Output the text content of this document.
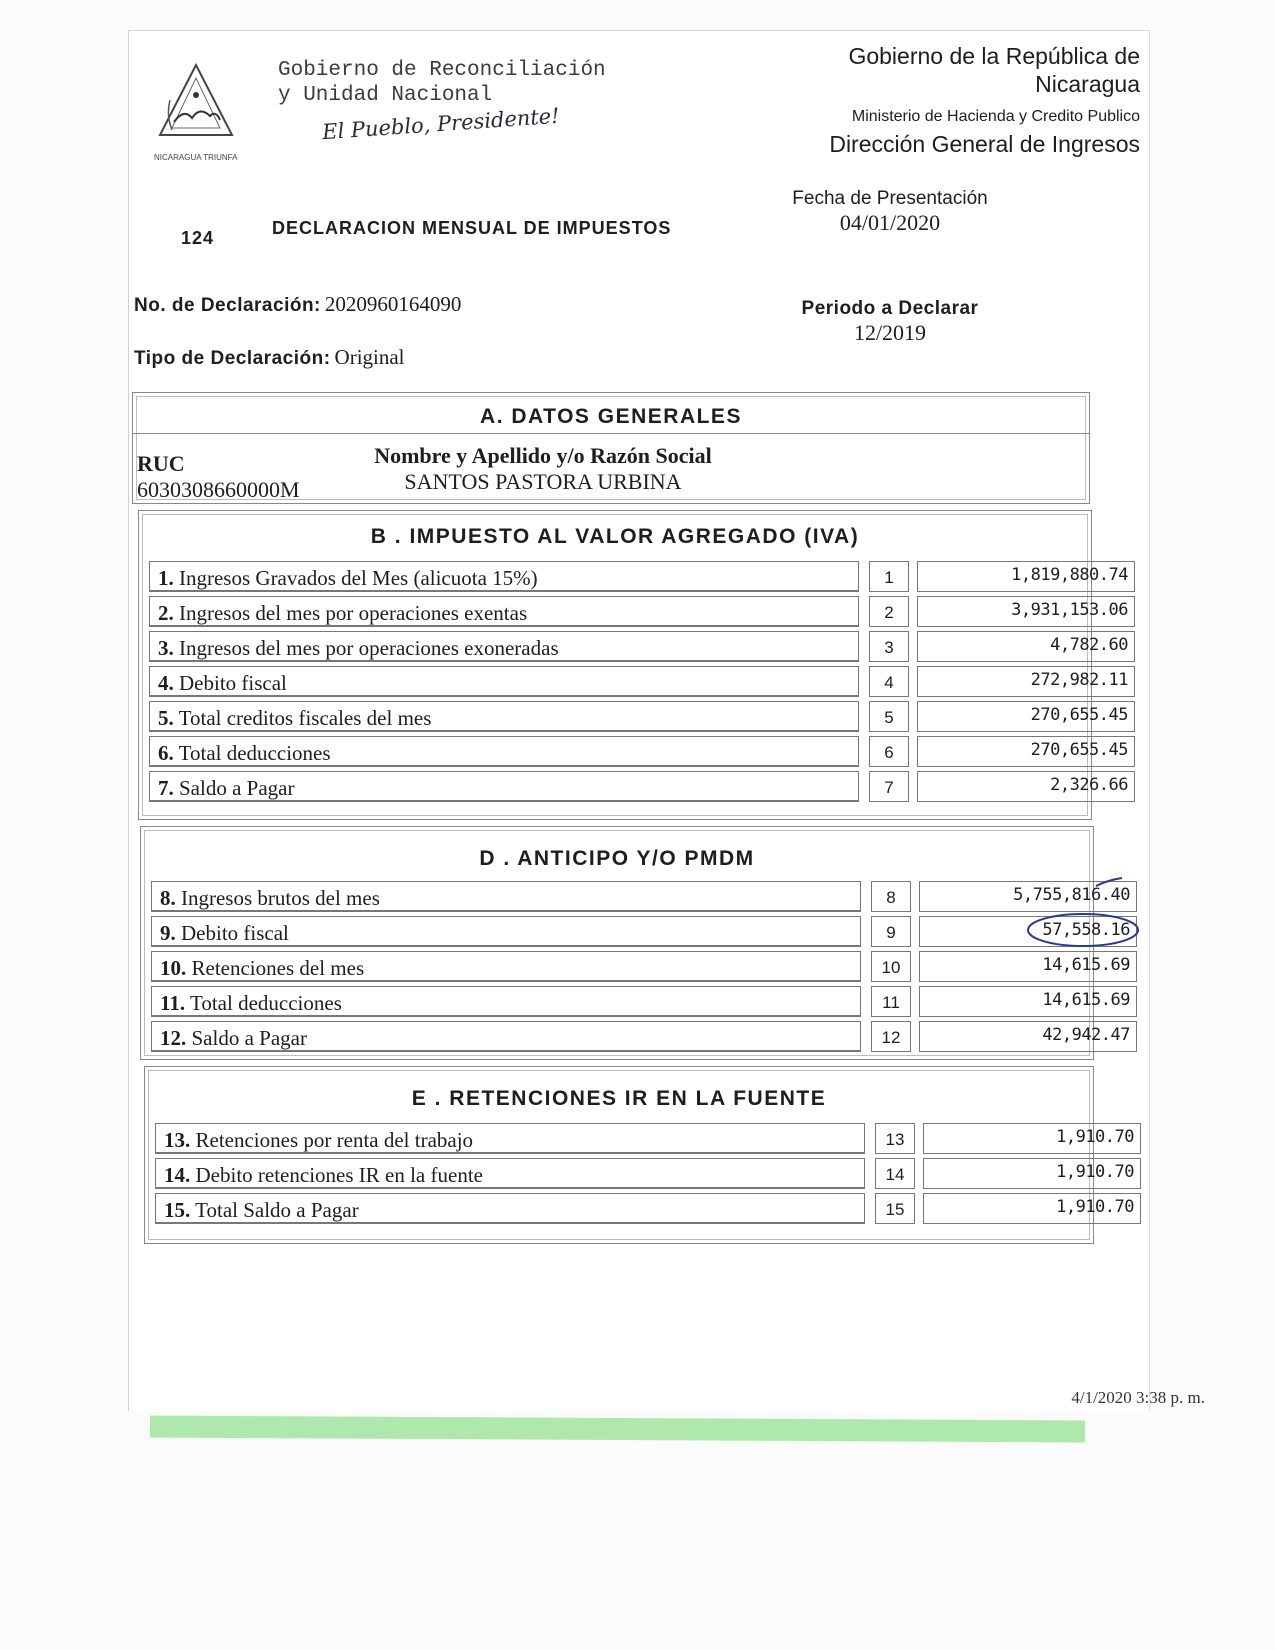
NICARAGUA TRIUNFA
Gobierno de Reconciliación
y Unidad Nacional
El Pueblo, Presidente!
Gobierno de la República de
Nicaragua
Ministerio de Hacienda y Credito Publico
Dirección General de Ingresos
124	DECLARACION MENSUAL DE IMPUESTOS
Fecha de Presentación
04/01/2020
No. de Declaración: 2020960164090	Periodo a Declarar
12/2019
Tipo de Declaración: Original
A. DATOS GENERALES
RUC
6030308660000M
Nombre y Apellido y/o Razón Social
SANTOS PASTORA URBINA
B . IMPUESTO AL VALOR AGREGADO (IVA)
1. Ingresos Gravados del Mes (alicuota 15%)	1	1,819,880.74
2. Ingresos del mes por operaciones exentas	2	3,931,153.06
3. Ingresos del mes por operaciones exoneradas	3	4,782.60
4. Debito fiscal	4	272,982.11
5. Total creditos fiscales del mes	5	270,655.45
6. Total deducciones	6	270,655.45
7. Saldo a Pagar	7	2,326.66
D . ANTICIPO Y/O PMDM
8. Ingresos brutos del mes	8	5,755,816.40
9. Debito fiscal	9	57,558.16
10. Retenciones del mes	10	14,615.69
11. Total deducciones	11	14,615.69
12. Saldo a Pagar	12	42,942.47
E . RETENCIONES IR EN LA FUENTE
13. Retenciones por renta del trabajo	13	1,910.70
14. Debito retenciones IR en la fuente	14	1,910.70
15. Total Saldo a Pagar	15	1,910.70
4/1/2020 3:38 p. m.
